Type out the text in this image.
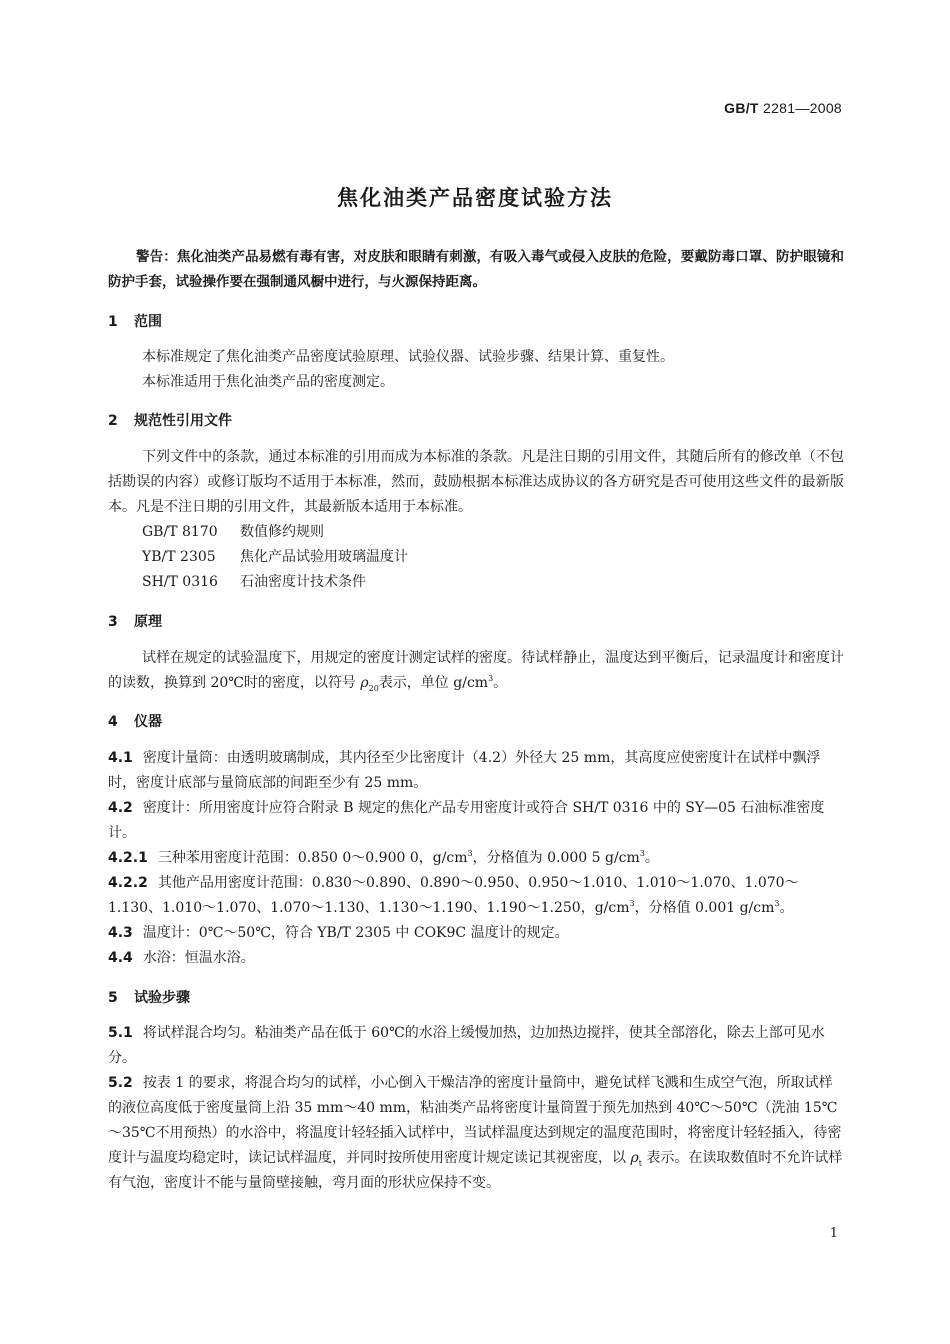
GB/T 2281—2008
焦化油类产品密度试验方法
警告：焦化油类产品易燃有毒有害，对皮肤和眼睛有刺激，有吸入毒气或侵入皮肤的危险，要戴防毒口罩、防护眼镜和防护手套，试验操作要在强制通风橱中进行，与火源保持距离。
1 范围
本标准规定了焦化油类产品密度试验原理、试验仪器、试验步骤、结果计算、重复性。
本标准适用于焦化油类产品的密度测定。
2 规范性引用文件
下列文件中的条款，通过本标准的引用而成为本标准的条款。凡是注日期的引用文件，其随后所有的修改单（不包括勘误的内容）或修订版均不适用于本标准，然而，鼓励根据本标准达成协议的各方研究是否可使用这些文件的最新版本。凡是不注日期的引用文件，其最新版本适用于本标准。
GB/T 8170 数值修约规则
YB/T 2305 焦化产品试验用玻璃温度计
SH/T 0316 石油密度计技术条件
3 原理
试样在规定的试验温度下，用规定的密度计测定试样的密度。待试样静止，温度达到平衡后，记录温度计和密度计的读数，换算到 20℃时的密度，以符号 $\rho_{20}$表示，单位 $g/cm^3$。
4 仪器
4.1 密度计量筒：由透明玻璃制成，其内径至少比密度计（4.2）外径大 25 mm，其高度应使密度计在试样中飘浮时，密度计底部与量筒底部的间距至少有 25 mm。
4.2 密度计：所用密度计应符合附录 B 规定的焦化产品专用密度计或符合 SH/T 0316 中的 SY—05 石油标准密度计。
4.2.1 三种苯用密度计范围：0.850 0～0.900 0，$g/cm^3$，分格值为 0.000 5 $g/cm^3$。
4.2.2 其他产品用密度计范围：0.830～0.890、0.890～0.950、0.950～1.010、1.010～1.070、1.070～1.130、1.010～1.070、1.070～1.130、1.130～1.190、1.190～1.250，$g/cm^3$，分格值 0.001 $g/cm^3$。
4.3 温度计：0℃～50℃，符合 YB/T 2305 中 COK9C 温度计的规定。
4.4 水浴：恒温水浴。
5 试验步骤
5.1 将试样混合均匀。粘油类产品在低于 60℃的水浴上缓慢加热，边加热边搅拌，使其全部溶化，除去上部可见水分。
5.2 按表 1 的要求，将混合均匀的试样，小心倒入干燥洁净的密度计量筒中，避免试样飞溅和生成空气泡，所取试样的液位高度低于密度量筒上沿 35 mm～40 mm，粘油类产品将密度计量筒置于预先加热到 40℃～50℃（洗油 15℃～35℃不用预热）的水浴中，将温度计轻轻插入试样中，当试样温度达到规定的温度范围时，将密度计轻轻插入，待密度计与温度均稳定时，读记试样温度，并同时按所使用密度计规定读记其视密度，以 $\rho_t$ 表示。在读取数值时不允许试样有气泡，密度计不能与量筒壁接触，弯月面的形状应保持不变。
1
